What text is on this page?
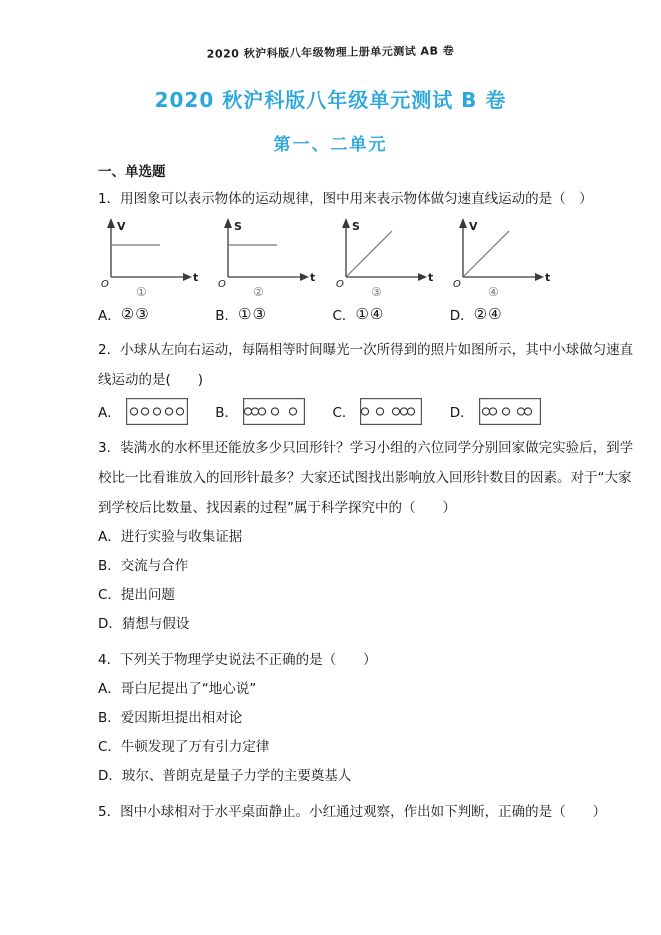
2020 秋沪科版八年级物理上册单元测试 AB 卷
2020 秋沪科版八年级单元测试 B 卷
第一、二单元
一、单选题
1．用图象可以表示物体的运动规律，图中用来表示物体做匀速直线运动的是（　）
V
t
O
①
S
t
O
②
S
t
O
③
V
t
O
④
A． ②③	B． ①③	C． ①④	D． ②④
2．小球从左向右运动，每隔相等时间曝光一次所得到的照片如图所示，其中小球做匀速直
线运动的是(　　)
A．	B．	C．	D．
3．装满水的水杯里还能放多少只回形针？学习小组的六位同学分别回家做完实验后，到学
校比一比看谁放入的回形针最多？大家还试图找出影响放入回形针数目的因素。对于“大家
到学校后比数量、找因素的过程”属于科学探究中的（　　）
A．进行实验与收集证据
B．交流与合作
C．提出问题
D．猜想与假设
4．下列关于物理学史说法不正确的是（　　）
A．哥白尼提出了“地心说”
B．爱因斯坦提出相对论
C．牛顿发现了万有引力定律
D．玻尔、普朗克是量子力学的主要奠基人
5．图中小球相对于水平桌面静止。小红通过观察，作出如下判断，正确的是（　　）
